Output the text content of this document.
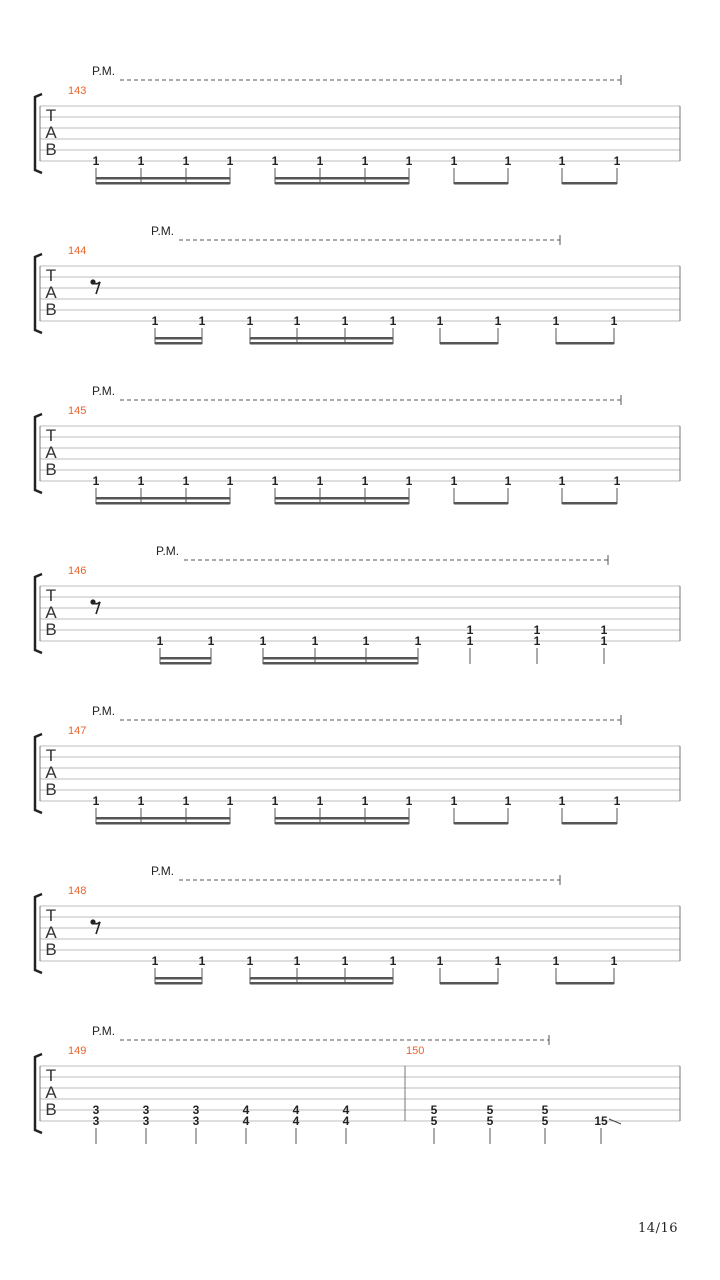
T
A
B
143
P.M.
1	1	1	1	1	1	1	1	1	1	1	1
T
A
B
144
P.M.
1	1	1	1	1	1	1	1	1	1
T
A
B
145
P.M.
1	1	1	1	1	1	1	1	1	1	1	1
T
A
B
146
P.M.
1	1	1	1	1	1
1
1
1
1
1
1
T
A
B
147
P.M.
1	1	1	1	1	1	1	1	1	1	1	1
T
A
B
148
P.M.
1	1	1	1	1	1	1	1	1	1
T
A
B
149	150
P.M.
3
3
3
3
3
3
4
4
4
4
4
4
5
5
5
5
5
5	15
14/16
